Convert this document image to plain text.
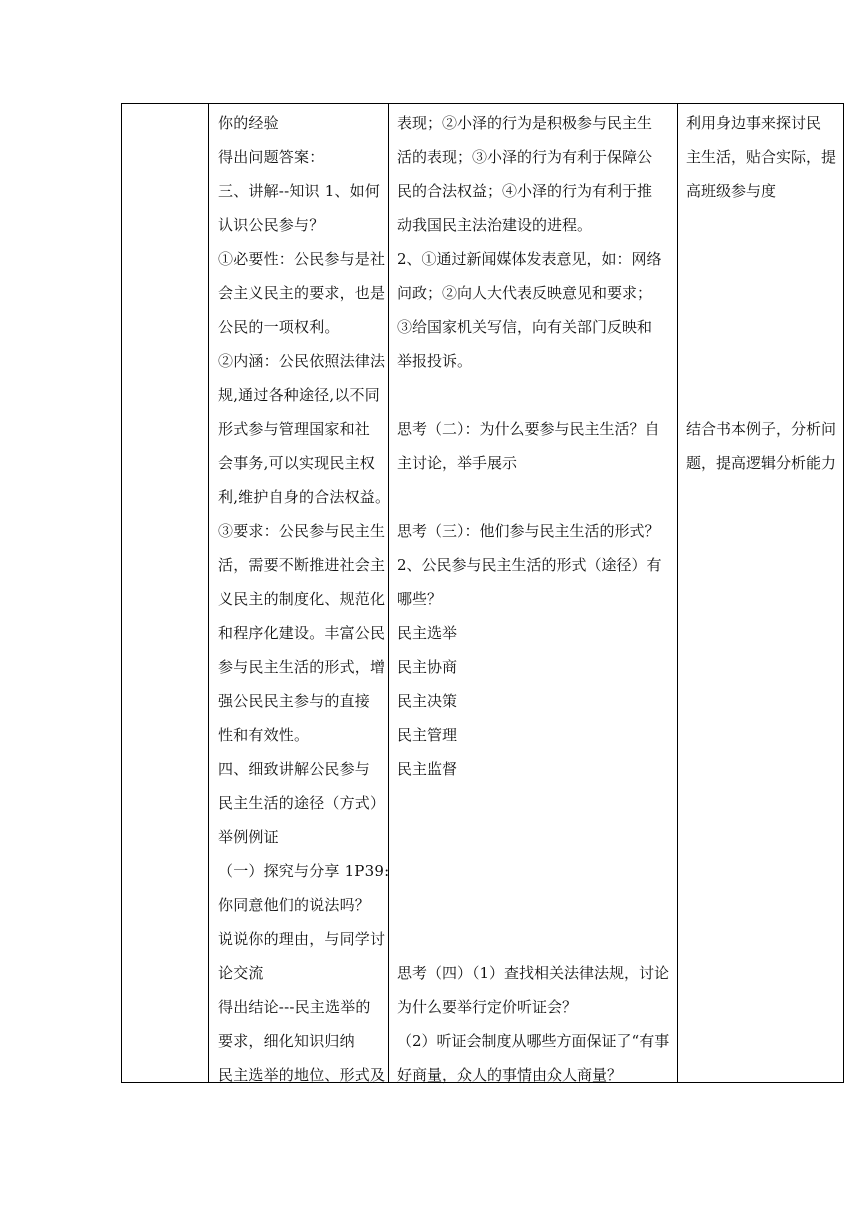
你的经验

得出问题答案：

三、讲解--知识 1、如何

认识公民参与？

①必要性：公民参与是社

会主义民主的要求，也是

公民的一项权利。

②内涵：公民依照法律法

规,通过各种途径,以不同

形式参与管理国家和社

会事务,可以实现民主权

利,维护自身的合法权益。

③要求：公民参与民主生

活，需要不断推进社会主

义民主的制度化、规范化

和程序化建设。丰富公民

参与民主生活的形式，增

强公民民主参与的直接

性和有效性。

四、细致讲解公民参与

民主生活的途径（方式）

举例例证

（一）探究与分享 1P39:

你同意他们的说法吗？

说说你的理由，与同学讨

论交流

得出结论---民主选举的

要求，细化知识归纳

民主选举的地位、形式及

表现；②小泽的行为是积极参与民主生

活的表现；③小泽的行为有利于保障公

民的合法权益；④小泽的行为有利于推

动我国民主法治建设的进程。

2、①通过新闻媒体发表意见，如：网络

问政；②向人大代表反映意见和要求；

③给国家机关写信，向有关部门反映和

举报投诉。

思考（二）：为什么要参与民主生活？自

主讨论，举手展示

思考（三）：他们参与民主生活的形式？

2、公民参与民主生活的形式（途径）有

哪些？

民主选举

民主协商

民主决策

民主管理

民主监督

思考（四）（1）查找相关法律法规，讨论

为什么要举行定价听证会？

（2）听证会制度从哪些方面保证了“有事

好商量，众人的事情由众人商量？

利用身边事来探讨民

主生活，贴合实际，提

高班级参与度

结合书本例子，分析问

题，提高逻辑分析能力
